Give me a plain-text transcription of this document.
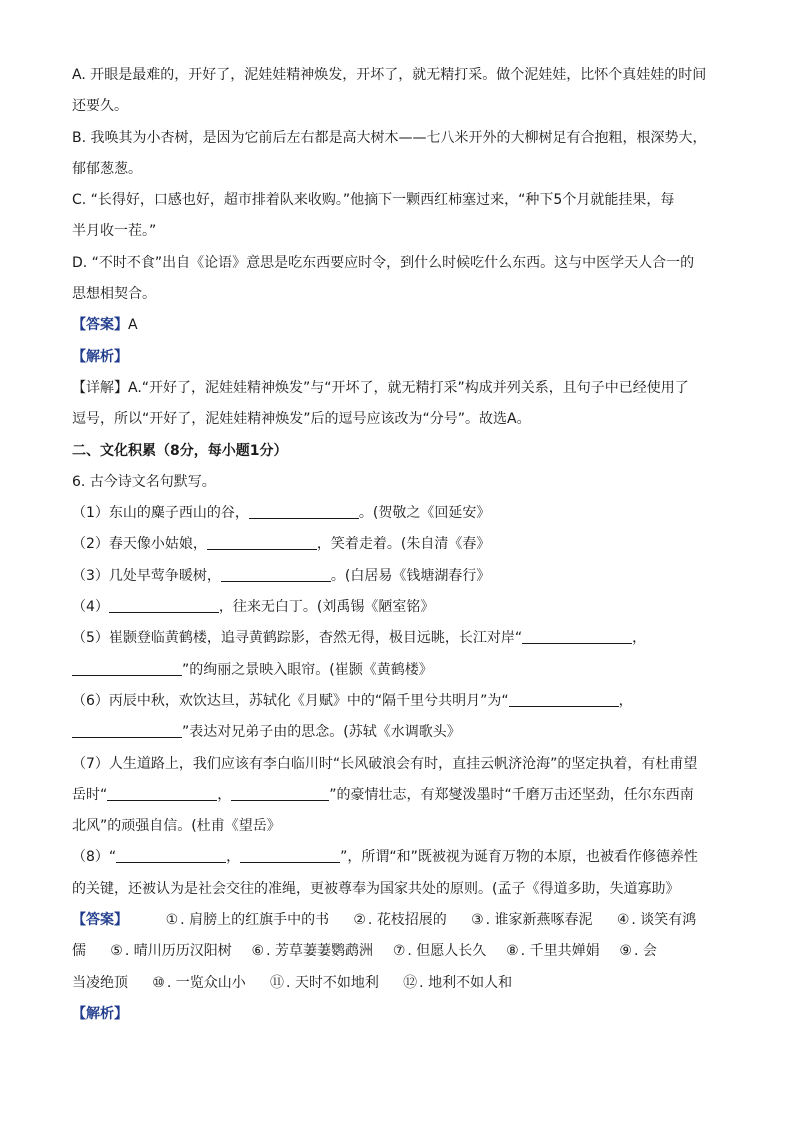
A. 开眼是最难的，开好了，泥娃娃精神焕发，开坏了，就无精打采。做个泥娃娃，比怀个真娃娃的时间
还要久。
B. 我唤其为小杏树，是因为它前后左右都是高大树木——七八米开外的大柳树足有合抱粗，根深势大，
郁郁葱葱。
C. “长得好，口感也好，超市排着队来收购。”他摘下一颗西红柿塞过来，“种下5个月就能挂果，每
半月收一茬。”
D. “不时不食”出自《论语》意思是吃东西要应时令，到什么时候吃什么东西。这与中医学天人合一的
思想相契合。
【答案】A
【解析】
【详解】A.“开好了，泥娃娃精神焕发”与“开坏了，就无精打采”构成并列关系，且句子中已经使用了
逗号，所以“开好了，泥娃娃精神焕发”后的逗号应该改为“分号”。故选A。
二、文化积累（8分，每小题1分）
6. 古今诗文名句默写。
（1）东山的麋子西山的谷，	。(贺敬之《回延安》
（2）春天像小姑娘，	，笑着走着。(朱自清《春》
（3）几处早莺争暖树，	。(白居易《钱塘湖春行》
（4）	，往来无白丁。(刘禹锡《陋室铭》
（5）崔颢登临黄鹤楼，追寻黄鹤踪影，杳然无得，极目远眺，长江对岸“	，
”的绚丽之景映入眼帘。(崔颢《黄鹤楼》
（6）丙辰中秋，欢饮达旦，苏轼化《月赋》中的“隔千里兮共明月”为“	，
”表达对兄弟子由的思念。(苏轼《水调歌头》
（7）人生道路上，我们应该有李白临川时“长风破浪会有时，直挂云帆济沧海”的坚定执着，有杜甫望
岳时“	，	”的豪情壮志，有郑燮泼墨时“千磨万击还坚劲，任尔东西南
北风”的顽强自信。(杜甫《望岳》
（8）“	，	”，所谓“和”既被视为诞育万物的本原，也被看作修德养性
的关键，还被认为是社会交往的准绳，更被尊奉为国家共处的原则。(孟子《得道多助，失道寡助》
【答案】	① . 肩膀上的红旗手中的书 ② . 花枝招展的 ③ . 谁家新燕啄春泥 ④ . 谈笑有鸿
儒 ⑤ . 晴川历历汉阳树 ⑥ . 芳草萋萋鹦鹉洲 ⑦ . 但愿人长久 ⑧ . 千里共婵娟 ⑨ . 会
当凌绝顶 ⑩ . 一览众山小 ⑪ . 天时不如地利 ⑫ . 地利不如人和
【解析】
